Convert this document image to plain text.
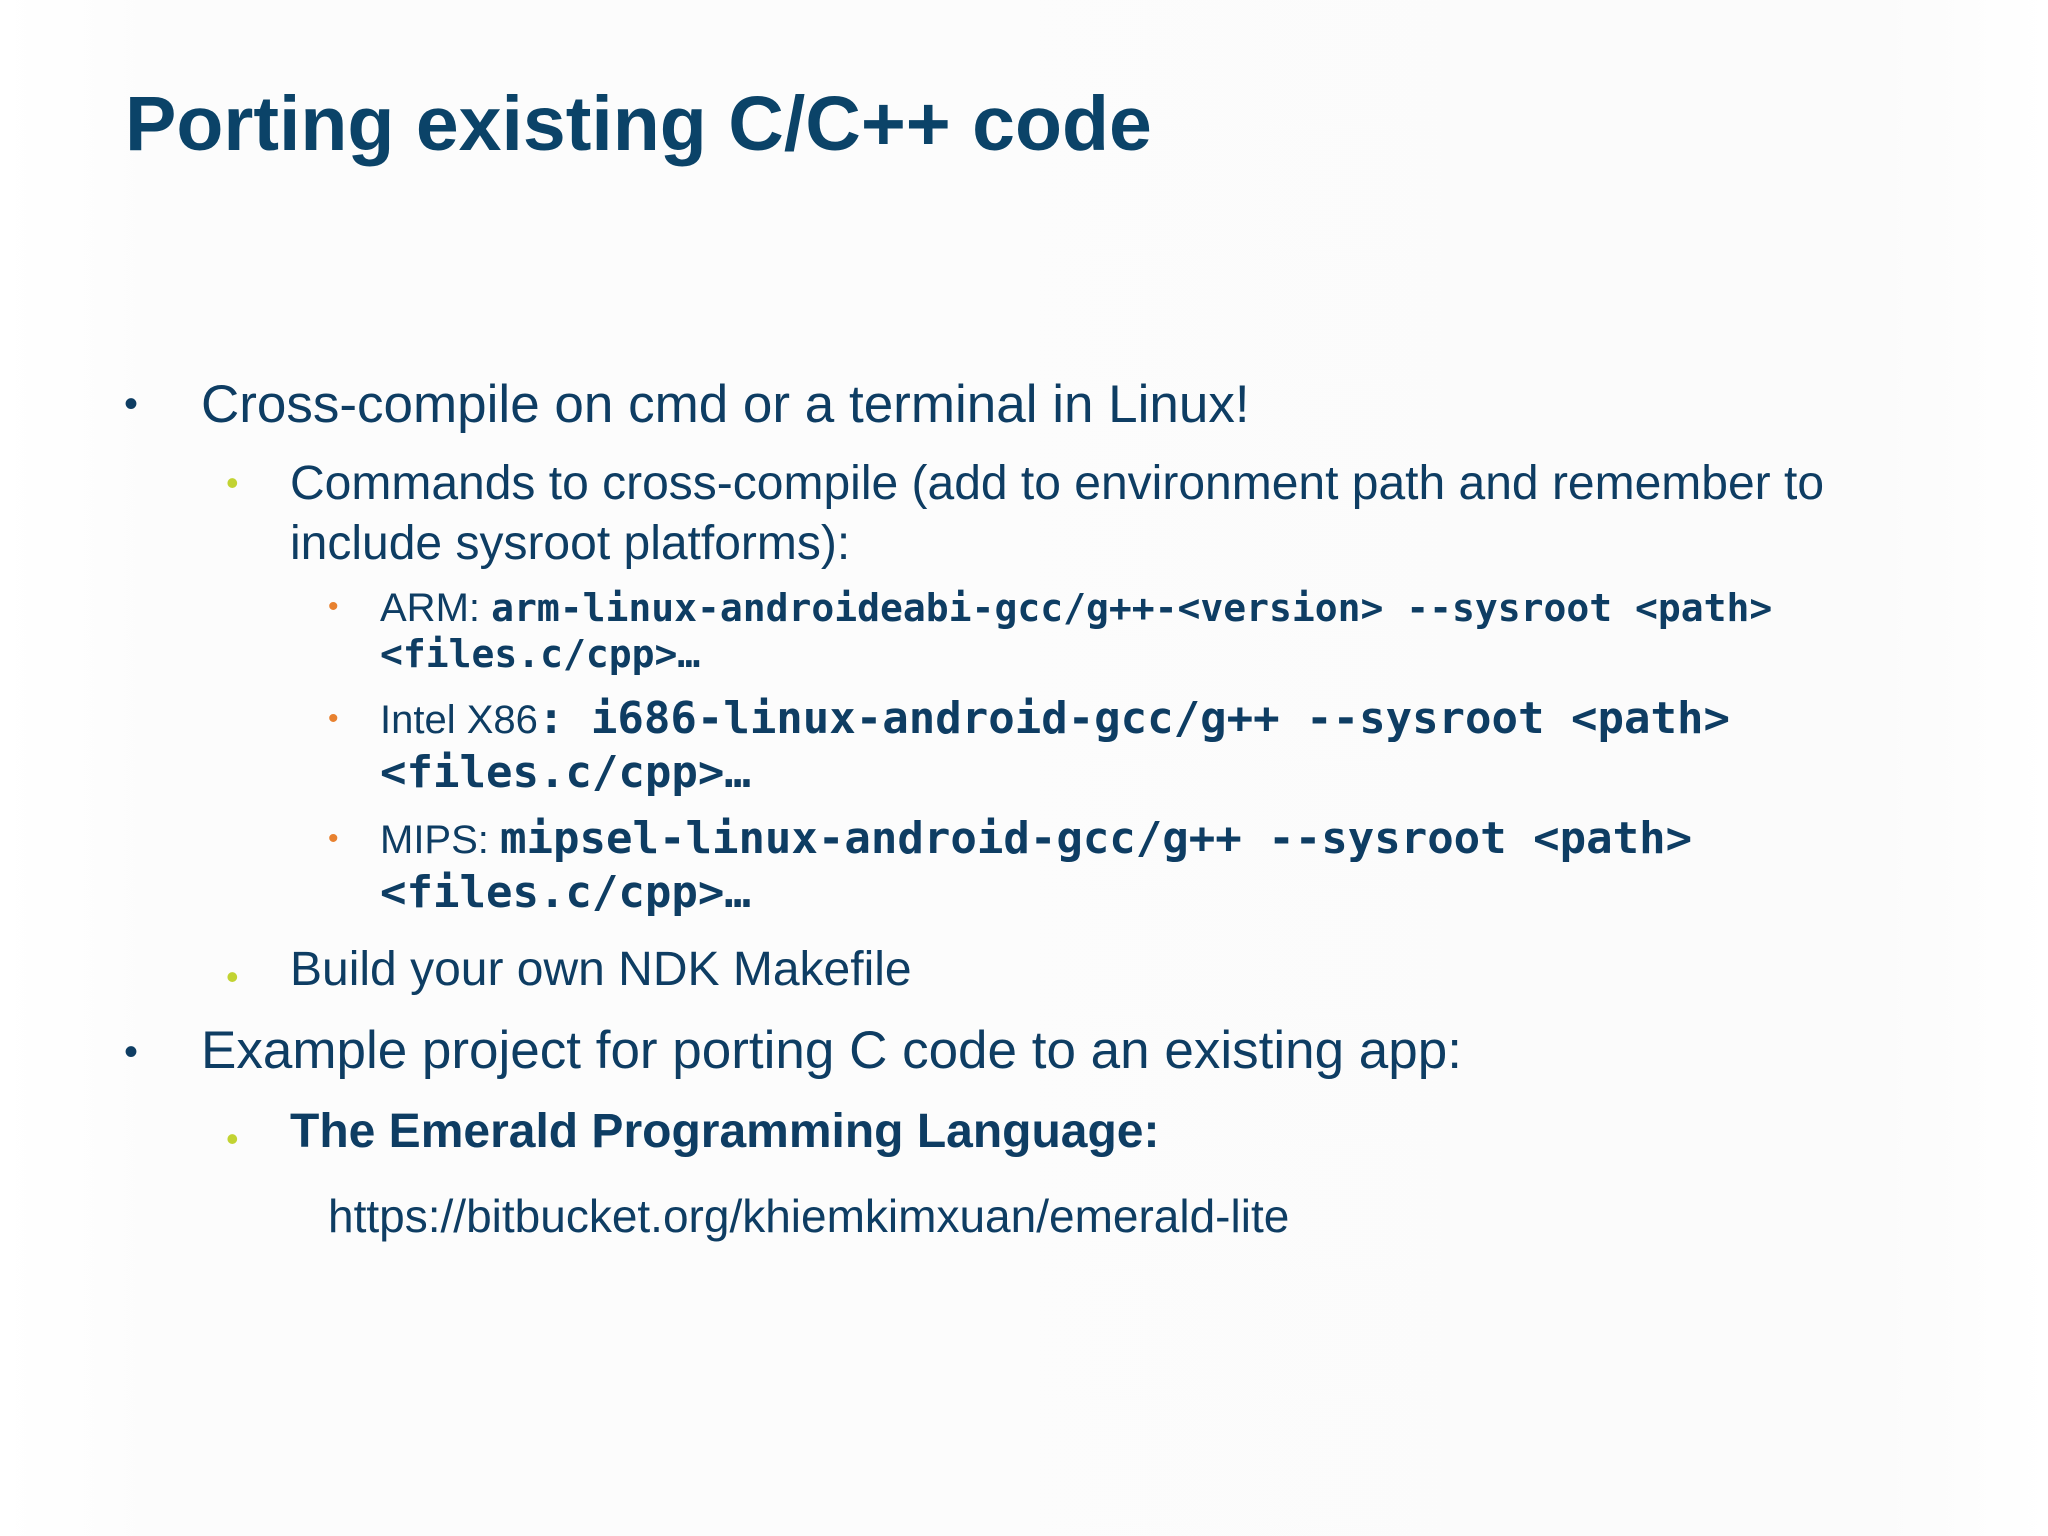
Porting existing C/C++ code
• Cross-compile on cmd or a terminal in Linux!
• Commands to cross-compile (add to environment path and remember to
include sysroot platforms):
• ARM: arm-linux-androideabi-gcc/g++-<version> --sysroot <path>
<files.c/cpp>…
• Intel X86: i686-linux-android-gcc/g++ --sysroot <path>
<files.c/cpp>…
• MIPS: mipsel-linux-android-gcc/g++ --sysroot <path>
<files.c/cpp>…
• Build your own NDK Makefile
• Example project for porting C code to an existing app:
• The Emerald Programming Language:
https://bitbucket.org/khiemkimxuan/emerald-lite
